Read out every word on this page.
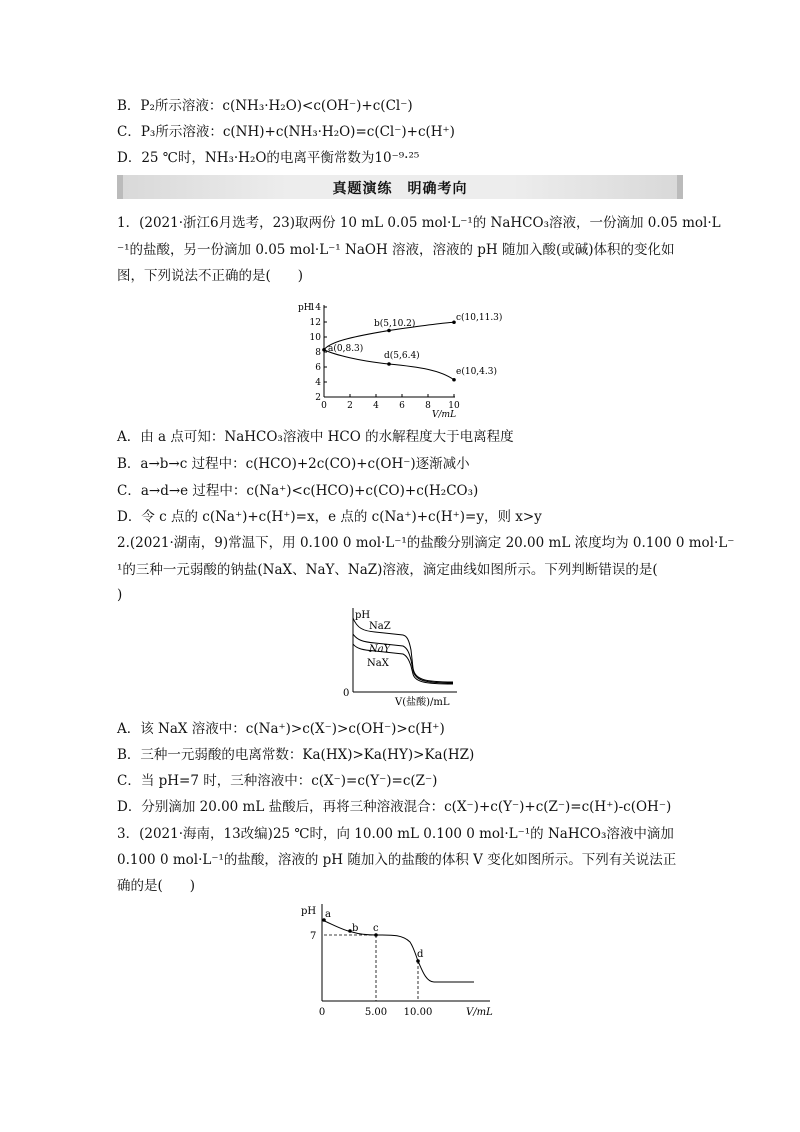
B．P₂所示溶液：c(NH₃·H₂O)<c(OH⁻)+c(Cl⁻)
C．P₃所示溶液：c(NH)+c(NH₃·H₂O)=c(Cl⁻)+c(H⁺)
D．25 ℃时，NH₃·H₂O的电离平衡常数为10⁻⁹·²⁵
真题演练　明确考向
1．(2021·浙江6月选考，23)取两份 10 mL 0.05 mol·L⁻¹的 NaHCO₃溶液，一份滴加 0.05 mol·L
⁻¹的盐酸，另一份滴加 0.05 mol·L⁻¹ NaOH 溶液，溶液的 pH 随加入酸(或碱)体积的变化如
图，下列说法不正确的是(　　)
pH
2
4
6
8
10
12
14
0 2 4 6 8 10
V/mL
a(0,8.3)
b(5,10.2)
c(10,11.3)
d(5,6.4)
e(10,4.3)
A．由 a 点可知：NaHCO₃溶液中 HCO 的水解程度大于电离程度
B．a→b→c 过程中：c(HCO)+2c(CO)+c(OH⁻)逐渐减小
C．a→d→e 过程中：c(Na⁺)<c(HCO)+c(CO)+c(H₂CO₃)
D．令 c 点的 c(Na⁺)+c(H⁺)=x，e 点的 c(Na⁺)+c(H⁺)=y，则 x>y
2.(2021·湖南，9)常温下，用 0.100 0 mol·L⁻¹的盐酸分别滴定 20.00 mL 浓度均为 0.100 0 mol·L⁻
¹的三种一元弱酸的钠盐(NaX、NaY、NaZ)溶液，滴定曲线如图所示。下列判断错误的是(
)
pH
0
V(盐酸)/mL
NaZ
NaY
NaX
A．该 NaX 溶液中：c(Na⁺)>c(X⁻)>c(OH⁻)>c(H⁺)
B．三种一元弱酸的电离常数：Ka(HX)>Ka(HY)>Ka(HZ)
C．当 pH=7 时，三种溶液中：c(X⁻)=c(Y⁻)=c(Z⁻)
D．分别滴加 20.00 mL 盐酸后，再将三种溶液混合：c(X⁻)+c(Y⁻)+c(Z⁻)=c(H⁺)-c(OH⁻)
3．(2021·海南，13改编)25 ℃时，向 10.00 mL 0.100 0 mol·L⁻¹的 NaHCO₃溶液中滴加
0.100 0 mol·L⁻¹的盐酸，溶液的 pH 随加入的盐酸的体积 V 变化如图所示。下列有关说法正
确的是(　　)
pH
7
a
b c
d
0	5.00 10.00	V/mL
